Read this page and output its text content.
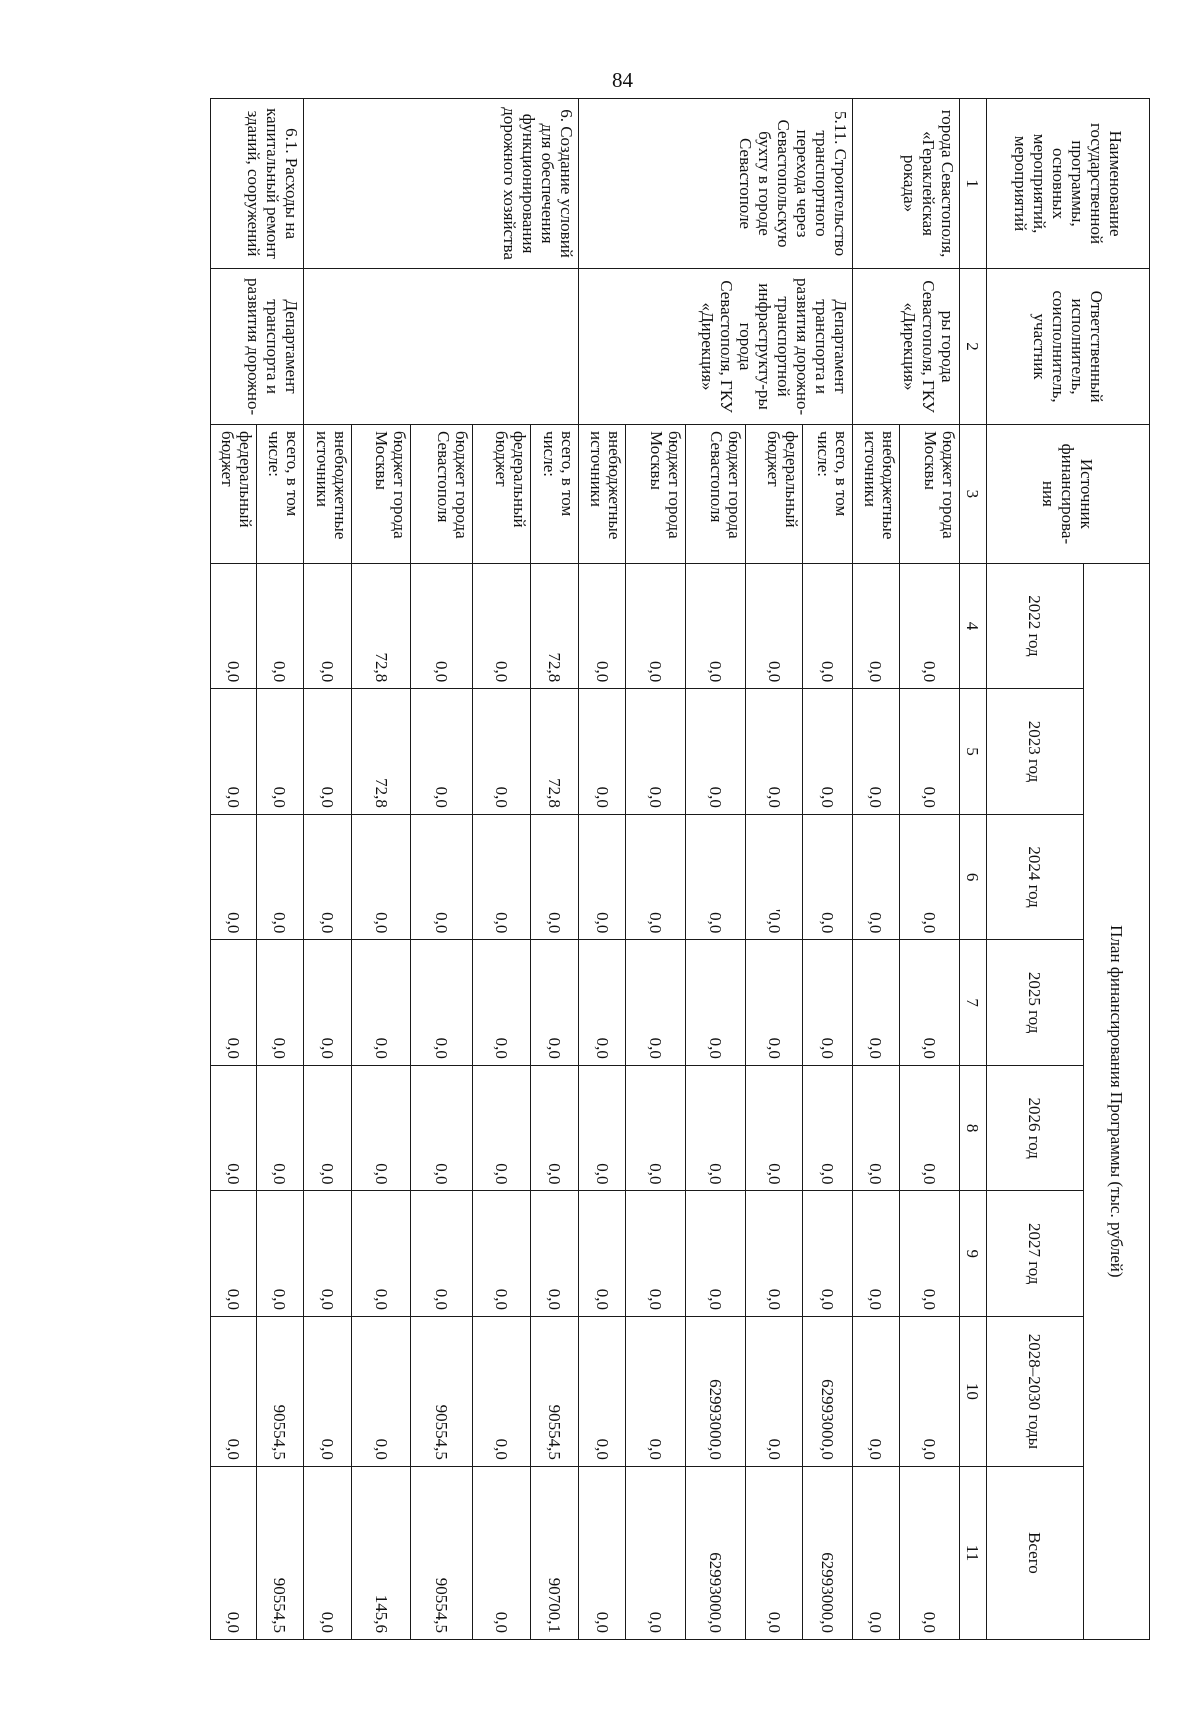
84
Наименование государственной программы, основных мероприятий, мероприятий	Ответственный исполнитель, соисполнитель, участник	Источник финансирова-ния	План финансирования Программы (тыс. рублей)							
			2022 год	2023 год	2024 год	2025 год	2026 год	2027 год	2028–2030 годы	Всего
1	2	3	4	5	6	7	8	9	10	11
города Севастополя, «Гераклейская рокада»	ры города Севастополя, ГКУ «Дирекция»	бюджет города Москвы	0,0	0,0	0,0	0,0	0,0	0,0	0,0	0,0
		внебюджетные источники	0,0	0,0	0,0	0,0	0,0	0,0	0,0	0,0
5.11. Строительство транспортного перехода через Севастопольскую бухту в городе Севастополе	Департамент транспорта и развития дорожно-транспортной инфраструкту-ры города Севастополя, ГКУ «Дирекция»	всего, в том числе:	0,0	0,0	0,0	0,0	0,0	0,0	62993000,0	62993000,0
		федеральный бюджет	0,0	0,0	'0,0	0,0	0,0	0,0	0,0	0,0
		бюджет города Севастополя	0,0	0,0	0,0	0,0	0,0	0,0	62993000,0	62993000,0
		бюджет города Москвы	0,0	0,0	0,0	0,0	0,0	0,0	0,0	0,0
		внебюджетные источники	0,0	0,0	0,0	0,0	0,0	0,0	0,0	0,0
6. Создание условий для обеспечения функционирования дорожного хозяйства		всего, в том числе:	72,8	72,8	0,0	0,0	0,0	0,0	90554,5	90700,1
		федеральный бюджет	0,0	0,0	0,0	0,0	0,0	0,0	0,0	0,0
		бюджет города Севастополя	0,0	0,0	0,0	0,0	0,0	0,0	90554,5	90554,5
		бюджет города Москвы	72,8	72,8	0,0	0,0	0,0	0,0	0,0	145,6
		внебюджетные источники	0,0	0,0	0,0	0,0	0,0	0,0	0,0	0,0
6.1. Расходы на капитальный ремонт зданий, сооружений	Департамент транспорта и развития дорожно-	всего, в том числе:	0,0	0,0	0,0	0,0	0,0	0,0	90554,5	90554,5
		федеральный бюджет	0,0	0,0	0,0	0,0	0,0	0,0	0,0	0,0
